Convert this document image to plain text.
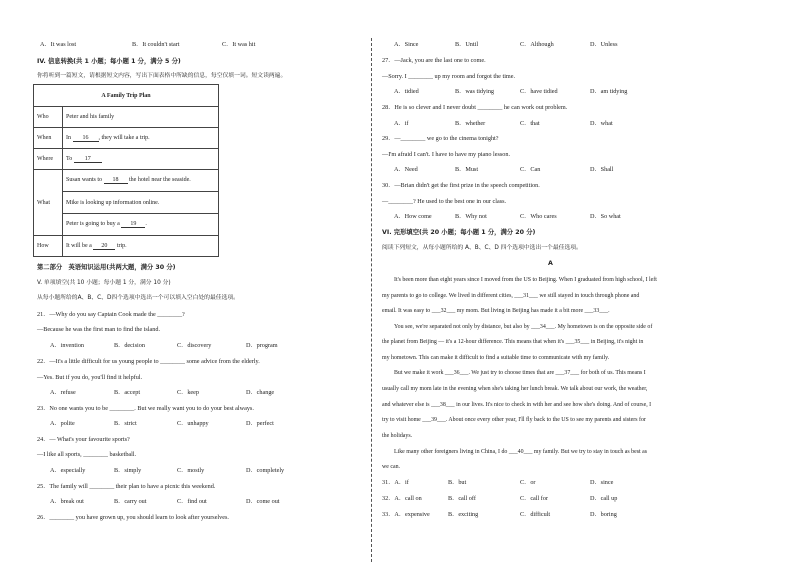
A．It was lost	B．It couldn't start	C．It was hit
IV. 信息转换(共 1 小题；每小题 1 分，满分 5 分)
你将听到一篇短文，请根据短文内容，写出下面表格中所缺的信息，每空仅填一词。短文读两遍。
A Family Trip Plan	
Who	Peter and his family
When	In 16 , they will take a trip.
Where	To 17
What	Susan wants to 18 the hotel near the seaside.
	Mike is looking up information online.
	Peter is going to buy a 19 .
How	It will be a 20 trip.
第二部分　英语知识运用(共两大题，满分 30 分)
V. 单项填空(共 10 小题；每小题 1 分，满分 10 分)
从每小题所给的A、B、C、D四个选项中选出一个可以填入空白处的最佳选项。
21．—Why do you say Captain Cook made the ________?
—Because he was the first man to find the island.
A．invention	B．decision	C．discovery	D．program
22．—It's a little difficult for us young people to ________ some advice from the elderly.
—Yes. But if you do, you'll find it helpful.
A．refuse	B．accept	C．keep	D．change
23．No one wants you to be ________. But we really want you to do your best always.
A．polite	B．strict	C．unhappy	D．perfect
24．— What's your favourite sports?
—I like all sports, ________ basketball.
A．especially	B．simply	C．mostly	D．completely
25．The family will ________ their plan to have a picnic this weekend.
A．break out	B．carry out	C．find out	D．come out
26．________ you have grown up, you should learn to look after yourselves.
A．Since	B．Until	C．Although	D．Unless
27．—Jack, you are the last one to come.
—Sorry. I ________ up my room and forgot the time.
A．tidied	B．was tidying	C．have tidied	D．am tidying
28．He is so clever and I never doubt ________ he can work out problem.
A．if	B．whether	C．that	D．what
29．—________ we go to the cinema tonight?
—I'm afraid I can't. I have to have my piano lesson.
A．Need	B．Must	C．Can	D．Shall
30．—Brian didn't get the first prize in the speech competition.
—________? He used to the best one in our class.
A．How come	B．Why not	C．Who cares	D．So what
VI. 完形填空(共 20 小题；每小题 1 分，满分 20 分)
阅读下列短文，从每小题所给的 A、B、C、D 四个选项中选出一个最佳选项。
A
It's been more than eight years since I moved from the US to Beijing. When I graduated from high school, I left
my parents to go to college. We lived in different cities, ___31___ we still stayed in touch through phone and
email. It was easy to ___32___ my mom. But living in Beijing has made it a bit more ___33___.
You see, we're separated not only by distance, but also by ___34___. My hometown is on the opposite side of
the planet from Beijing — it's a 12-hour difference. This means that when it's ___35___ in Beijing, it's night in
my hometown. This can make it difficult to find a suitable time to communicate with my family.
But we make it work ___36___. We just try to choose times that are ___37___ for both of us. This means I
usually call my mom late in the evening when she's taking her lunch break. We talk about our work, the weather,
and whatever else is ___38___ in our lives. It's nice to check in with her and see how she's doing. And of course, I
try to visit home ___39___. About once every other year, I'll fly back to the US to see my parents and sisters for
the holidays.
Like many other foreigners living in China, I do ___40___ my family. But we try to stay in touch as best as
we can.
31．A．if	B．but	C．or	D．since
32．A．call on	B．call off	C．call for	D．call up
33．A．expensive	B．exciting	C．difficult	D．boring
